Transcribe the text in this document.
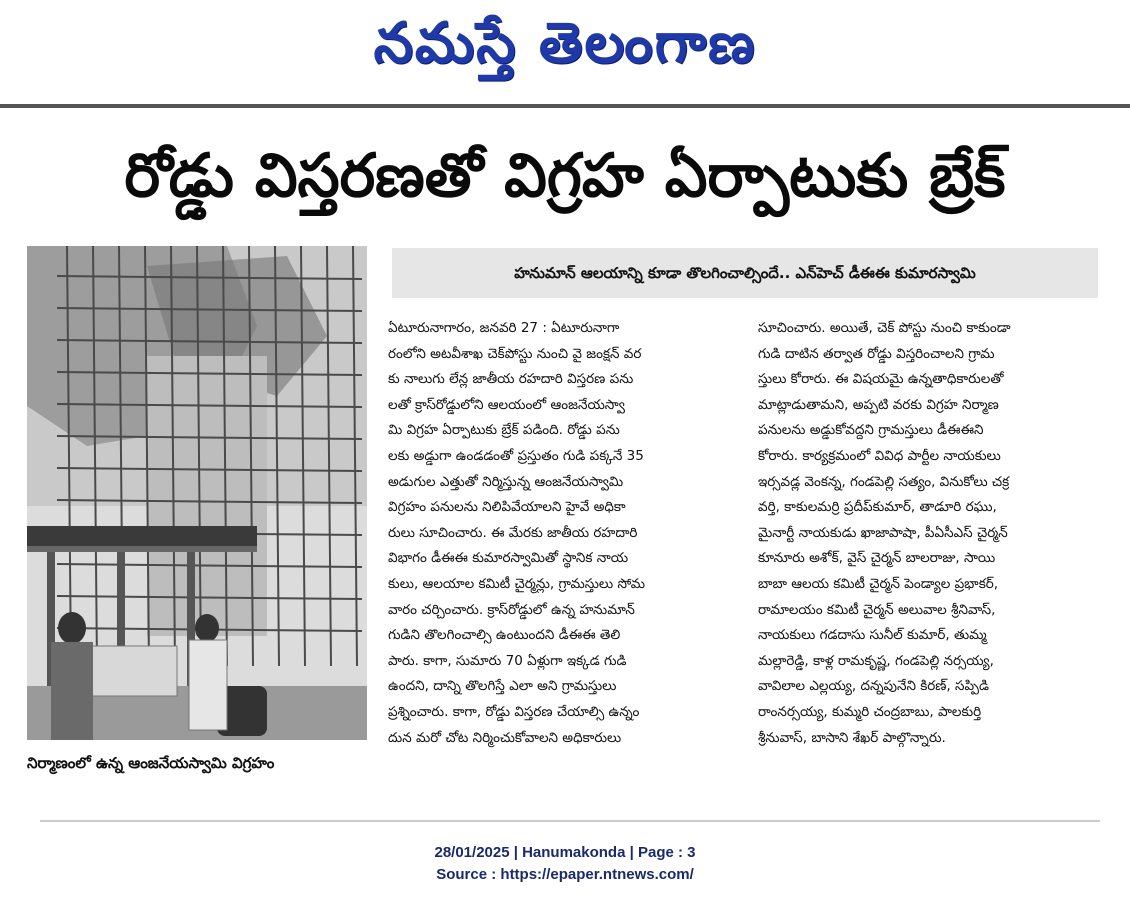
నమస్తే తెలంగాణ
రోడ్డు విస్తరణతో విగ్రహ ఏర్పాటుకు బ్రేక్
నిర్మాణంలో ఉన్న ఆంజనేయస్వామి విగ్రహం
హనుమాన్ ఆలయాన్ని కూడా తొలగించాల్సిందే.. ఎన్‌హెచ్ డీఈఈ కుమారస్వామి
ఏటూరునాగారం, జనవరి 27 : ఏటూరునాగా
రంలోని అటవీశాఖ చెక్‌పోస్టు నుంచి వై జంక్షన్ వర
కు నాలుగు లేన్ల జాతీయ రహదారి విస్తరణ పను
లతో క్రాస్‌రోడ్డులోని ఆలయంలో ఆంజనేయస్వా
మి విగ్రహ ఏర్పాటుకు బ్రేక్ పడింది. రోడ్డు పను
లకు అడ్డుగా ఉండడంతో ప్రస్తుతం గుడి పక్కనే 35
అడుగుల ఎత్తుతో నిర్మిస్తున్న ఆంజనేయస్వామి
విగ్రహం పనులను నిలిపివేయాలని హైవే అధికా
రులు సూచించారు. ఈ మేరకు జాతీయ రహదారి
విభాగం డీఈఈ కుమారస్వామితో స్థానిక నాయ
కులు, ఆలయాల కమిటీ చైర్మన్లు, గ్రామస్తులు సోమ
వారం చర్చించారు. క్రాస్‌రోడ్డులో ఉన్న హనుమాన్
గుడిని తొలగించాల్సి ఉంటుందని డీఈఈ తెలి
పారు. కాగా, సుమారు 70 ఏళ్లుగా ఇక్కడ గుడి
ఉందని, దాన్ని తొలగిస్తే ఎలా అని గ్రామస్తులు
ప్రశ్నించారు. కాగా, రోడ్డు విస్తరణ చేయాల్సి ఉన్నం
దున మరో చోట నిర్మించుకోవాలని అధికారులు
సూచించారు. అయితే, చెక్ పోస్టు నుంచి కాకుండా
గుడి దాటిన తర్వాత రోడ్డు విస్తరించాలని గ్రామ
స్తులు కోరారు. ఈ విషయమై ఉన్నతాధికారులతో
మాట్లాడుతామని, అప్పటి వరకు విగ్రహ నిర్మాణ
పనులను అడ్డుకోవద్దని గ్రామస్తులు డీఈఈని
కోరారు. కార్యక్రమంలో వివిధ పార్టీల నాయకులు
ఇర్సవడ్ల వెంకన్న, గండపెల్లి సత్యం, వినుకోలు చక్ర
వర్తి, కాకులమర్రి ప్రదీప్‌కుమార్, తాడూరి రఘు,
మైనార్టీ నాయకుడు ఖాజాపాషా, పీఏసీఎస్ చైర్మన్
కూనూరు అశోక్, వైస్ చైర్మన్ బాలరాజు, సాయి
బాబా ఆలయ కమిటీ చైర్మన్ పెండ్యాల ప్రభాకర్,
రామాలయం కమిటీ చైర్మన్ అలువాల శ్రీనివాస్,
నాయకులు గడదాసు సునీల్ కుమార్, తుమ్మ
మల్లారెడ్డి, కాళ్ల రామకృష్ణ, గండపెల్లి నర్సయ్య,
వావిలాల ఎల్లయ్య, దన్నపునేని కిరణ్, సప్పిడి
రాంనర్సయ్య, కుమ్మరి చంద్రబాబు, పాలకుర్తి
శ్రీనువాస్, బాసాని శేఖర్ పాల్గొన్నారు.
28/01/2025 | Hanumakonda | Page : 3
Source : https://epaper.ntnews.com/
